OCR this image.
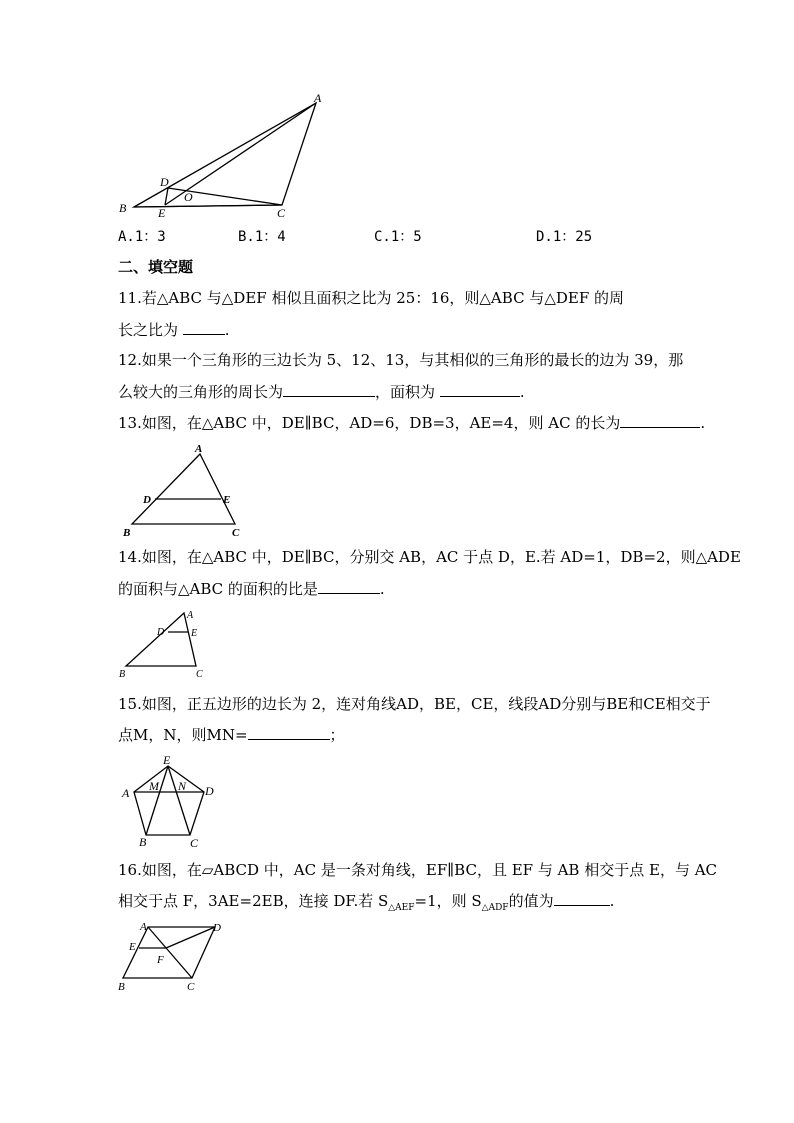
A
B	C
D
E
O
A.1：3	B.1：4	C.1：5	D.1：25
二、填空题
11.若△ABC 与△DEF 相似且面积之比为 25：16，则△ABC 与△DEF 的周
长之比为	.
12.如果一个三角形的三边长为 5、12、13，与其相似的三角形的最长的边为 39，那
么较大的三角形的周长为	，面积为	.
13.如图，在△ABC 中，DE∥BC，AD=6，DB=3，AE=4，则 AC 的长为	.
A
B	C
D	E
14.如图，在△ABC 中，DE∥BC，分别交 AB，AC 于点 D，E.若 AD=1，DB=2，则△ADE
的面积与△ABC 的面积的比是	.
A
B	C
D	E
15.如图，正五边形的边长为 2，连对角线AD，BE，CE，线段AD分别与BE和CE相交于
点M，N，则MN=	；
E
A	D
B	C
M N
16.如图，在▱ABCD 中，AC 是一条对角线，EF∥BC，且 EF 与 AB 相交于点 E，与 AC
相交于点 F，3AE=2EB，连接 DF.若 $S_{\triangle AEF}=1$，则 $S_{\triangle ADF}$的值为	.
A	D
E
F
B	C
